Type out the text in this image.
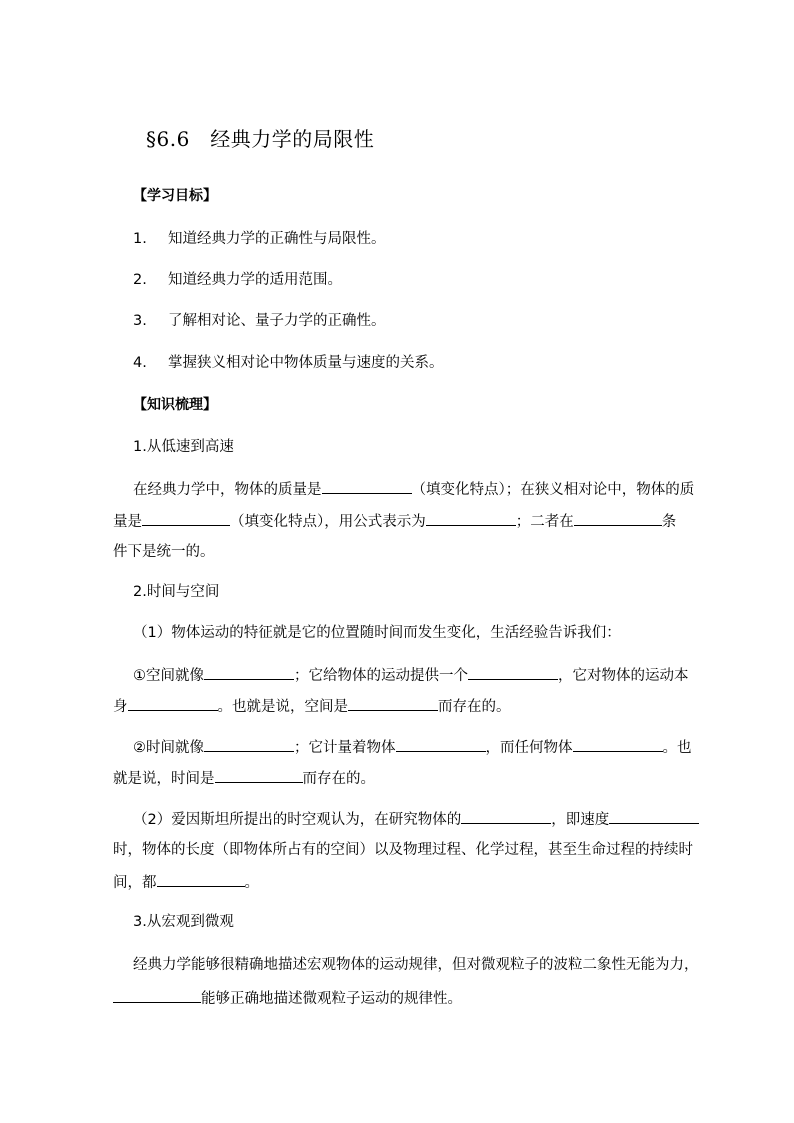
§6.6　经典力学的局限性
【学习目标】
1. 知道经典力学的正确性与局限性。
2. 知道经典力学的适用范围。
3. 了解相对论、量子力学的正确性。
4. 掌握狭义相对论中物体质量与速度的关系。
【知识梳理】
1.从低速到高速
在经典力学中，物体的质量是	（填变化特点）；在狭义相对论中，物体的质
量是	（填变化特点），用公式表示为	；二者在	条
件下是统一的。
2.时间与空间
（1）物体运动的特征就是它的位置随时间而发生变化，生活经验告诉我们：
①空间就像	；它给物体的运动提供一个	，它对物体的运动本
身	。也就是说，空间是	而存在的。
②时间就像	；它计量着物体	，而任何物体	。也
就是说，时间是	而存在的。
（2）爱因斯坦所提出的时空观认为，在研究物体的	，即速度
时，物体的长度（即物体所占有的空间）以及物理过程、化学过程，甚至生命过程的持续时
间，都	。
3.从宏观到微观
经典力学能够很精确地描述宏观物体的运动规律，但对微观粒子的波粒二象性无能为力，
能够正确地描述微观粒子运动的规律性。
